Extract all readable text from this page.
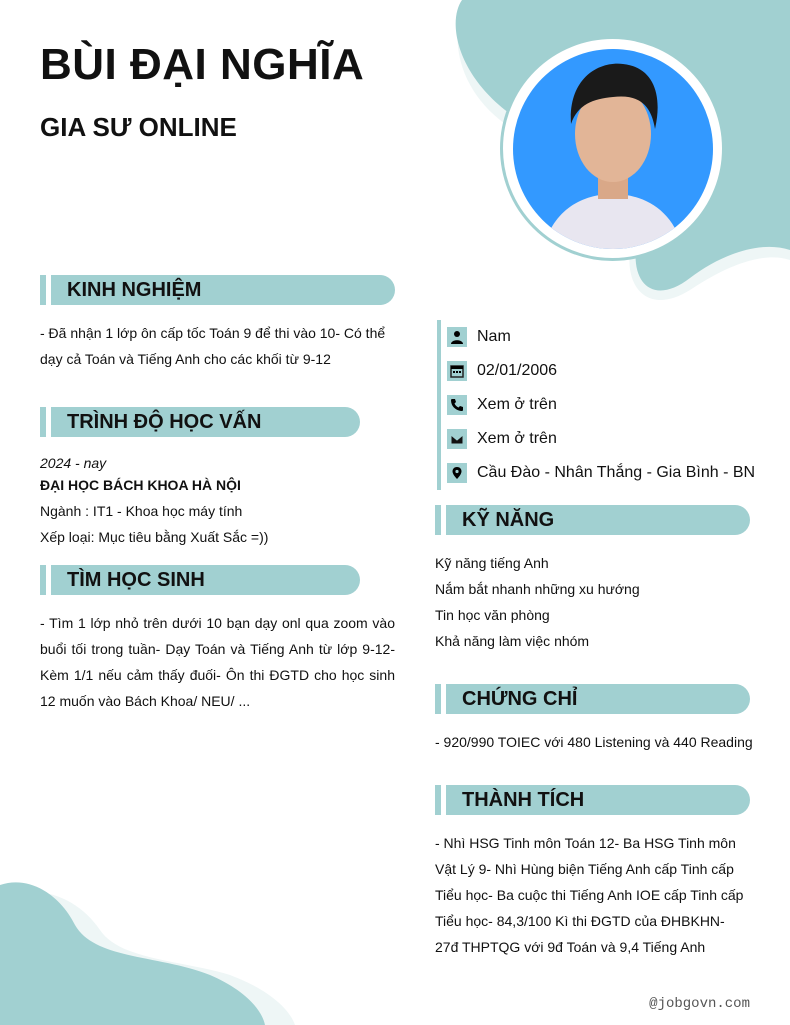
BÙI ĐẠI NGHĨA
GIA SƯ ONLINE
KINH NGHIỆM
- Đã nhận 1 lớp ôn cấp tốc Toán 9 để thi vào 10- Có thể dạy cả Toán và Tiếng Anh cho các khối từ 9-12
TRÌNH ĐỘ HỌC VẤN
2024 - nay
ĐẠI HỌC BÁCH KHOA HÀ NỘI
Ngành : IT1 - Khoa học máy tính
Xếp loại: Mục tiêu bằng Xuất Sắc =))
TÌM HỌC SINH
- Tìm 1 lớp nhỏ trên dưới 10 bạn dạy onl qua zoom vào buổi tối trong tuần- Dạy Toán và Tiếng Anh từ lớp 9-12- Kèm 1/1 nếu cảm thấy đuối- Ôn thi ĐGTD cho học sinh 12 muốn vào Bách Khoa/ NEU/ ...
Nam
02/01/2006
Xem ở trên
Xem ở trên
Cầu Đào - Nhân Thắng - Gia Bình - BN
KỸ NĂNG
Kỹ năng tiếng Anh
Nắm bắt nhanh những xu hướng
Tin học văn phòng
Khả năng làm việc nhóm
CHỨNG CHỈ
- 920/990 TOIEC với 480 Listening và 440 Reading
THÀNH TÍCH
- Nhì HSG Tinh môn Toán 12- Ba HSG Tinh môn Vật Lý 9- Nhì Hùng biện Tiếng Anh cấp Tinh cấp Tiểu học- Ba cuộc thi Tiếng Anh IOE cấp Tinh cấp Tiểu học- 84,3/100 Kì thi ĐGTD của ĐHBKHN- 27đ THPTQG với 9đ Toán và 9,4 Tiếng Anh
@jobgovn.com
